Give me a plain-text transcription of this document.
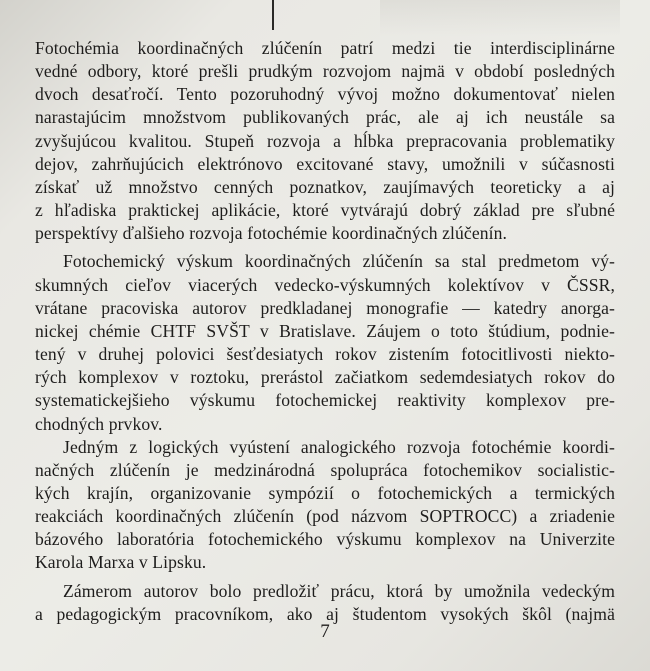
Fotochémia koordinačných zlúčenín patrí medzi tie interdisciplinárne
vedné odbory, ktoré prešli prudkým rozvojom najmä v období posledných
dvoch desaťročí. Tento pozoruhodný vývoj možno dokumentovať nielen
narastajúcim množstvom publikovaných prác, ale aj ich neustále sa
zvyšujúcou kvalitou. Stupeň rozvoja a hĺbka prepracovania problematiky
dejov, zahrňujúcich elektrónovo excitované stavy, umožnili v súčasnosti
získať už množstvo cenných poznatkov, zaujímavých teoreticky a aj
z hľadiska praktickej aplikácie, ktoré vytvárajú dobrý základ pre sľubné
perspektívy ďalšieho rozvoja fotochémie koordinačných zlúčenín.
Fotochemický výskum koordinačných zlúčenín sa stal predmetom vý-
skumných cieľov viacerých vedecko-výskumných kolektívov v ČSSR,
vrátane pracoviska autorov predkladanej monografie — katedry anorga-
nickej chémie CHTF SVŠT v Bratislave. Záujem o toto štúdium, podnie-
tený v druhej polovici šesťdesiatych rokov zistením fotocitlivosti niekto-
rých komplexov v roztoku, prerástol začiatkom sedemdesiatych rokov do
systematickejšieho výskumu fotochemickej reaktivity komplexov pre-
chodných prvkov.
Jedným z logických vyústení analogického rozvoja fotochémie koordi-
načných zlúčenín je medzinárodná spolupráca fotochemikov socialistic-
kých krajín, organizovanie sympózií o fotochemických a termických
reakciách koordinačných zlúčenín (pod názvom SOPTROCC) a zriadenie
bázového laboratória fotochemického výskumu komplexov na Univerzite
Karola Marxa v Lipsku.
Zámerom autorov bolo predložiť prácu, ktorá by umožnila vedeckým
a pedagogickým pracovníkom, ako aj študentom vysokých škôl (najmä
7
